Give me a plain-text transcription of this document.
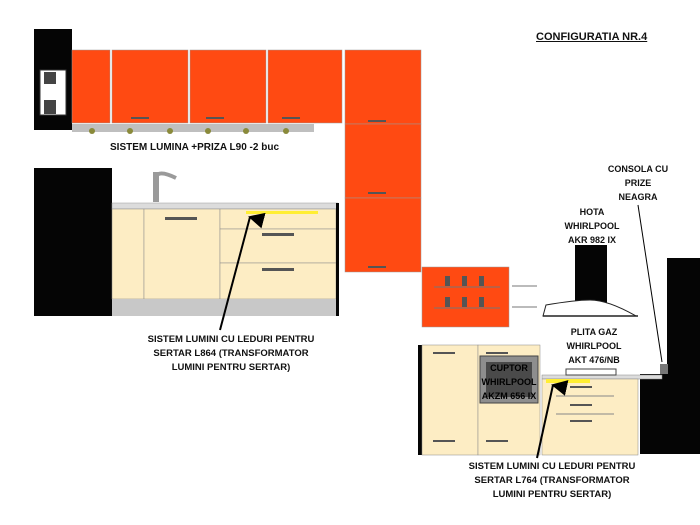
CONFIGURATIA NR.4
SISTEM LUMINA +PRIZA L90 -2 buc
SISTEM LUMINI CU LEDURI PENTRU
SERTAR L864 (TRANSFORMATOR
LUMINI PENTRU SERTAR)
CONSOLA CU
PRIZE
NEAGRA
HOTA
WHIRLPOOL
AKR 982 IX
PLITA GAZ
WHIRLPOOL
AKT 476/NB
CUPTOR
WHIRLPOOL
AKZM 656 IX
SISTEM LUMINI CU LEDURI PENTRU
SERTAR L764 (TRANSFORMATOR
LUMINI PENTRU SERTAR)
